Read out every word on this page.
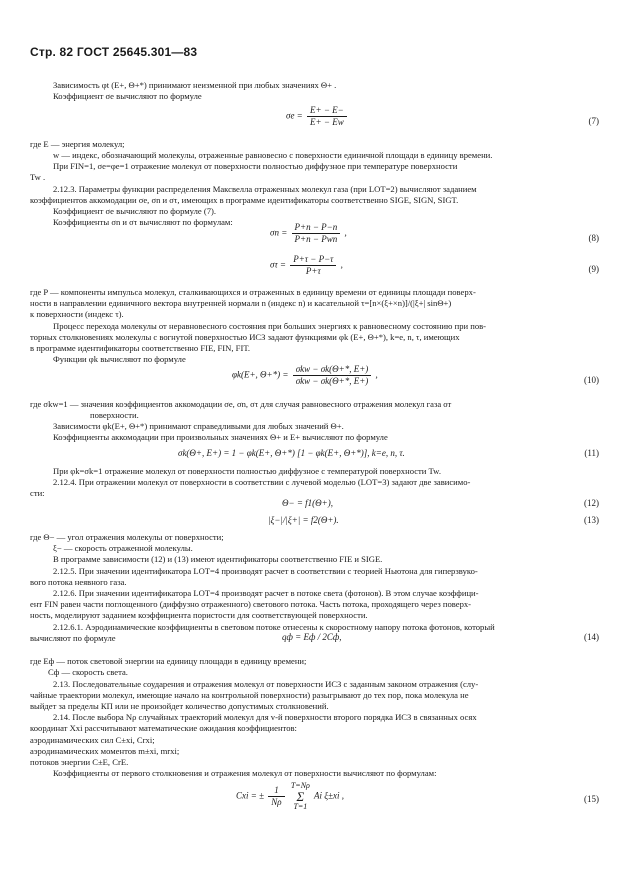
Стр. 82 ГОСТ 25645.301—83
Зависимость φt (E+, Θ+*) принимают неизменной при любых значениях Θ+ .
Коэффициент σe вычисляют по формуле
$\sigma e = \frac{E+ - E-}{E+ - Ew}$	(7)
где E — энергия молекул;
w — индекс, обозначающий молекулы, отраженные равновесно с поверхности единичной площади в единицу времени.
При FIN=1, σe=φe=1 отражение молекул от поверхности полностью диффузное при температуре поверхности
Tw .
2.12.3. Параметры функции распределения Максвелла отраженных молекул газа (при LOT=2) вычисляют заданием
коэффициентов аккомодации σe, σn и στ, имеющих в программе идентификаторы соответственно SIGE, SIGN, SIGT.
Коэффициент σe вычисляют по формуле (7).
Коэффициенты σn и στ вычисляют по формулам:
$\sigma n = \frac{P+n - P-n}{\text{P+n − Pwn}}$ ,
(8)
$\sigma\tau = \frac{P+\tau - P-\tau}{P+\tau}$ ,	(9)
где P — компоненты импульса молекул, сталкивающихся и отраженных в единицу времени от единицы площади поверх-
ности в направлении единичного вектора внутренней нормали n (индекс n) и касательной τ=[n×(ξ+×n)]/(|ξ+| sinΘ+)
к поверхности (индекс τ).
Процесс перехода молекулы от неравновесного состояния при больших энергиях к равновесному состоянию при пов-
торных столкновениях молекулы с вогнутой поверхностью ИСЗ задают функциями φk (E+, Θ+*), k=e, n, τ, имеющих
в программе идентификаторы соответственно FIE, FIN, FIT.
Функции φk вычисляют по формуле
φk(E+, $\Theta+*) = \frac{\text{σkw − σk(Θ+*, E+)}}{\text{σkw − σk(Θ+*, E+)}}$ ,
(10)
где σkw=1 — значения коэффициентов аккомодации σe, σn, στ для случая равновесного отражения молекул газа от
поверхности.
Зависимости φk(E+, Θ+*) принимают справедливыми для любых значений Θ+.
Коэффициенты аккомодации при произвольных значениях Θ+ и E+ вычисляют по формуле
σk(Θ+, E+) = 1 − φk(E+, Θ+*) [1 − φk(E+, Θ+*)], k=e, n, τ.	(11)
При φk=σk=1 отражение молекул от поверхности полностью диффузное с температурой поверхности Tw.
2.12.4. При отражении молекул от поверхности в соответствии с лучевой моделью (LOT=3) задают две зависимо-
сти:
Θ− = f1(Θ+),	(12)
|ξ−|/|ξ+| = f2(Θ+).	(13)
где Θ− — угол отражения молекулы от поверхности;
ξ− — скорость отраженной молекулы.
В программе зависимости (12) и (13) имеют идентификаторы соответственно FIE и SIGE.
2.12.5. При значении идентификатора LOT=4 производят расчет в соответствии с теорией Ньютона для гиперзвуко-
вого потока неявного газа.
2.12.6. При значении идентификатора LOT=4 производят расчет в потоке света (фотонов). В этом случае коэффици-
ент FIN равен части поглощенного (диффузно отраженного) светового потока. Часть потока, проходящего через поверх-
ность, моделируют заданием коэффициента пористости для соответствующей поверхности.
2.12.6.1. Аэродинамические коэффициенты в световом потоке отнесены к скоростному напору потока фотонов, который
вычисляют по формуле	qф = Eф / 2Cф,	(14)
где Eф — поток световой энергии на единицу площади в единицу времени;
Cф — скорость света.
2.13. Последовательные соударения и отражения молекул от поверхности ИСЗ с заданным законом отражения (слу-
чайные траектории молекул, имеющие начало на контрольной поверхности) разыгрывают до тех пор, пока молекула не
выйдет за пределы КП или не произойдет количество допустимых столкновений.
2.14. После выбора Nρ случайных траекторий молекул для v-й поверхности второго порядка ИСЗ в связанных осях
координат Xxi рассчитывают математические ожидания коэффициентов:
аэродинамических сил C±xi, Crxi;
аэродинамических моментов m±xi, mrxi;
потоков энергии C±E, CrE.
Коэффициенты от первого столкновения и отражения молекул от поверхности вычисляют по формулам:
Cxi = ± $\frac{1}{N\rho} T=N\rho$
Σ
T=1 Ai ξ±xi ,	(15)
